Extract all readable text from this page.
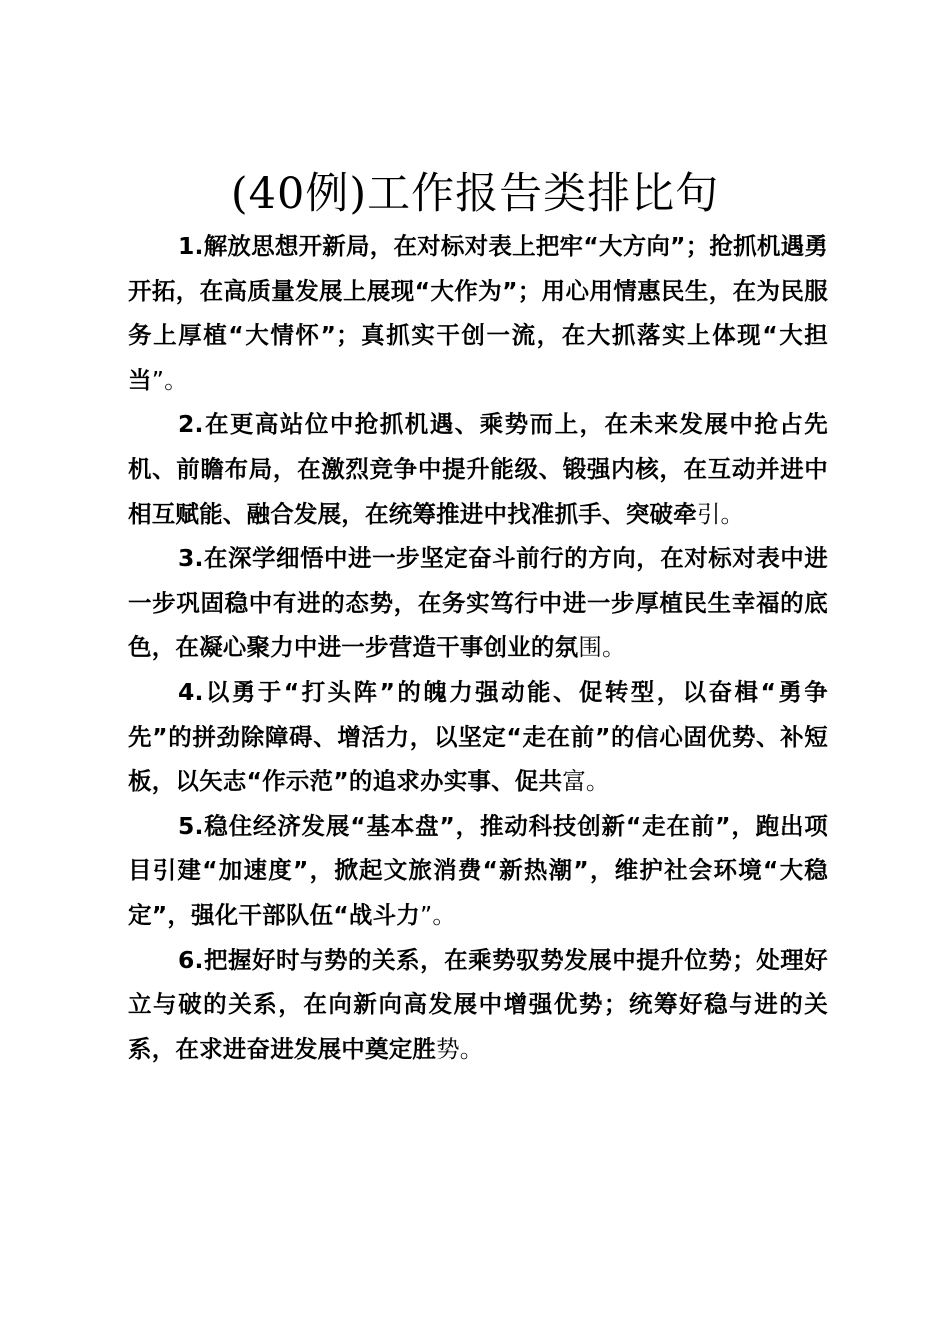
(40例)工作报告类排比句

1.解放思想开新局，在对标对表上把牢“大方向”；抢抓机遇勇开拓，在高质量发展上展现“大作为”；用心用情惠民生，在为民服务上厚植“大情怀”；真抓实干创一流，在大抓落实上体现“大担当”。

2.在更高站位中抢抓机遇、乘势而上，在未来发展中抢占先机、前瞻布局，在激烈竞争中提升能级、锻强内核，在互动并进中相互赋能、融合发展，在统筹推进中找准抓手、突破牵引。

3.在深学细悟中进一步坚定奋斗前行的方向，在对标对表中进一步巩固稳中有进的态势，在务实笃行中进一步厚植民生幸福的底色，在凝心聚力中进一步营造干事创业的氛围。

4.以勇于“打头阵”的魄力强动能、促转型，以奋楫“勇争先”的拼劲除障碍、增活力，以坚定“走在前”的信心固优势、补短板，以矢志“作示范”的追求办实事、促共富。

5.稳住经济发展“基本盘”，推动科技创新“走在前”，跑出项目引建“加速度”，掀起文旅消费“新热潮”，维护社会环境“大稳定”，强化干部队伍“战斗力”。

6.把握好时与势的关系，在乘势驭势发展中提升位势；处理好立与破的关系，在向新向高发展中增强优势；统筹好稳与进的关系，在求进奋进发展中奠定胜势。
